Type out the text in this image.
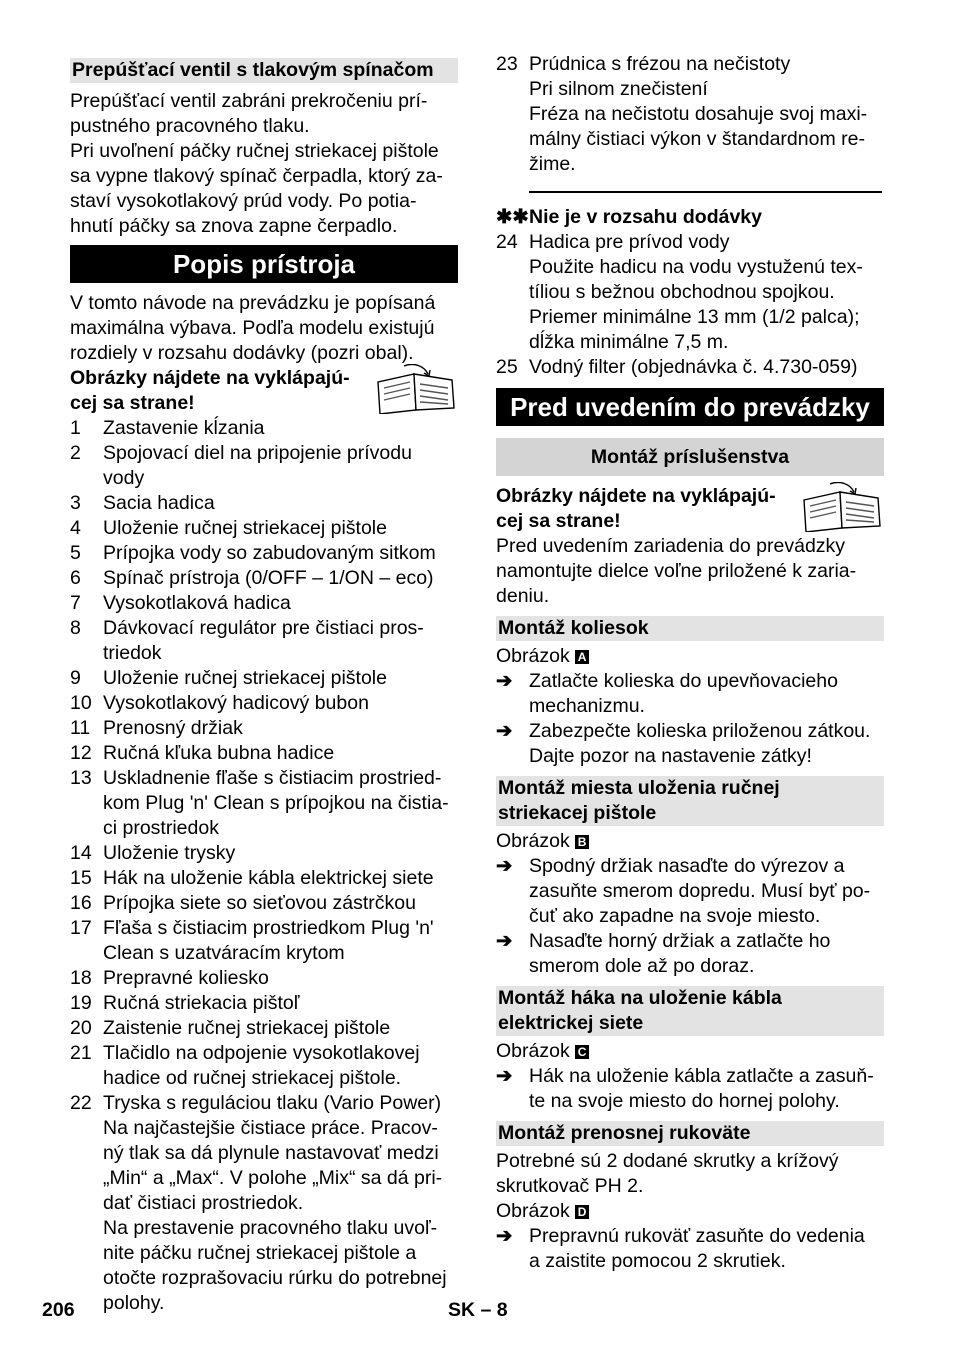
Prepúšťací ventil s tlakovým spínačom
Prepúšťací ventil zabráni prekročeniu prí-
pustného pracovného tlaku.
Pri uvoľnení páčky ručnej striekacej pištole
sa vypne tlakový spínač čerpadla, ktorý za-
staví vysokotlakový prúd vody. Po potia-
hnutí páčky sa znova zapne čerpadlo.
Popis prístroja
V tomto návode na prevádzku je popísaná
maximálna výbava. Podľa modelu existujú
rozdiely v rozsahu dodávky (pozri obal).
Obrázky nájdete na vyklápajú-
cej sa strane!
1	Zastavenie kĺzania
2	Spojovací diel na pripojenie prívodu vody
3	Sacia hadica
4	Uloženie ručnej striekacej pištole
5	Prípojka vody so zabudovaným sitkom
6	Spínač prístroja (0/OFF – 1/ON – eco)
7	Vysokotlaková hadica
8	Dávkovací regulátor pre čistiaci pros-
triedok
9	Uloženie ručnej striekacej pištole
10 Vysokotlakový hadicový bubon
11 Prenosný držiak
12 Ručná kľuka bubna hadice
13 Uskladnenie fľaše s čistiacim prostried-
kom Plug 'n' Clean s prípojkou na čistia-
ci prostriedok
14 Uloženie trysky
15 Hák na uloženie kábla elektrickej siete
16 Prípojka siete so sieťovou zástrčkou
17 Fľaša s čistiacim prostriedkom Plug 'n'
Clean s uzatváracím krytom
18 Prepravné koliesko
19 Ručná striekacia pištoľ
20 Zaistenie ručnej striekacej pištole
21 Tlačidlo na odpojenie vysokotlakovej
hadice od ručnej striekacej pištole.
22 Tryska s reguláciou tlaku (Vario Power)
Na najčastejšie čistiace práce. Pracov-
ný tlak sa dá plynule nastavovať medzi
„Min“ a „Max“. V polohe „Mix“ sa dá pri-
dať čistiaci prostriedok.
Na prestavenie pracovného tlaku uvoľ-
nite páčku ručnej striekacej pištole a
otočte rozprašovaciu rúrku do potrebnej
polohy.
23 Prúdnica s frézou na nečistoty
Pri silnom znečistení
Fréza na nečistotu dosahuje svoj maxi-
málny čistiaci výkon v štandardnom re-
žime.
✱✱ Nie je v rozsahu dodávky
24 Hadica pre prívod vody
Použite hadicu na vodu vystuženú tex-
tíliou s bežnou obchodnou spojkou.
Priemer minimálne 13 mm (1/2 palca);
dĺžka minimálne 7,5 m.
25 Vodný filter (objednávka č. 4.730-059)
Pred uvedením do prevádzky
Montáž príslušenstva
Obrázky nájdete na vyklápajú-
cej sa strane!
Pred uvedením zariadenia do prevádzky
namontujte dielce voľne priložené k zaria-
deniu.
Montáž koliesok
Obrázok A
➔ Zatlačte kolieska do upevňovacieho
mechanizmu.
➔ Zabezpečte kolieska priloženou zátkou.
Dajte pozor na nastavenie zátky!
Montáž miesta uloženia ručnej
striekacej pištole
Obrázok B
➔ Spodný držiak nasaďte do výrezov a
zasuňte smerom dopredu. Musí byť po-
čuť ako zapadne na svoje miesto.
➔ Nasaďte horný držiak a zatlačte ho
smerom dole až po doraz.
Montáž háka na uloženie kábla
elektrickej siete
Obrázok C
➔ Hák na uloženie kábla zatlačte a zasuň-
te na svoje miesto do hornej polohy.
Montáž prenosnej rukoväte
Potrebné sú 2 dodané skrutky a krížový
skrutkovač PH 2.
Obrázok D
➔ Prepravnú rukoväť zasuňte do vedenia
a zaistite pomocou 2 skrutiek.
206	SK – 8
